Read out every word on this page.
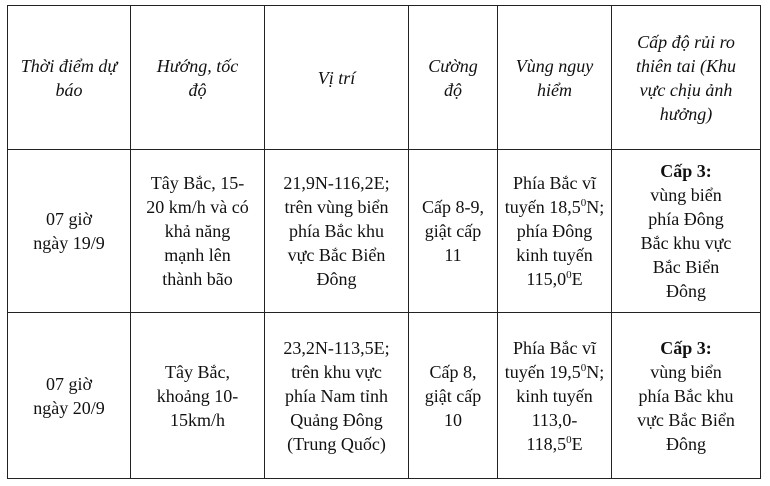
Thời điểm dự báo	Hướng, tốc độ	Vị trí	Cường độ	Vùng nguy hiểm	Cấp độ rủi ro thiên tai (Khu vực chịu ảnh hưởng)
07 giờ ngày 19/9	Tây Bắc, 15-20 km/h và có khả năng mạnh lên thành bão	21,9N-116,2E; trên vùng biển phía Bắc khu vực Bắc Biển Đông	Cấp 8-9, giật cấp 11	Phía Bắc vĩ tuyến 18,5$^0$N; phía Đông kinh tuyến 115,0$^0$E	Cấp 3:
vùng biển phía Đông Bắc khu vực Bắc Biển Đông
07 giờ ngày 20/9	Tây Bắc, khoảng 10-15km/h	23,2N-113,5E; trên khu vực phía Nam tỉnh Quảng Đông (Trung Quốc)	Cấp 8, giật cấp 10	Phía Bắc vĩ tuyến 19,5$^0$N; kinh tuyến 113,0-118,5$^0$E	Cấp 3:
vùng biển phía Bắc khu vực Bắc Biển Đông
